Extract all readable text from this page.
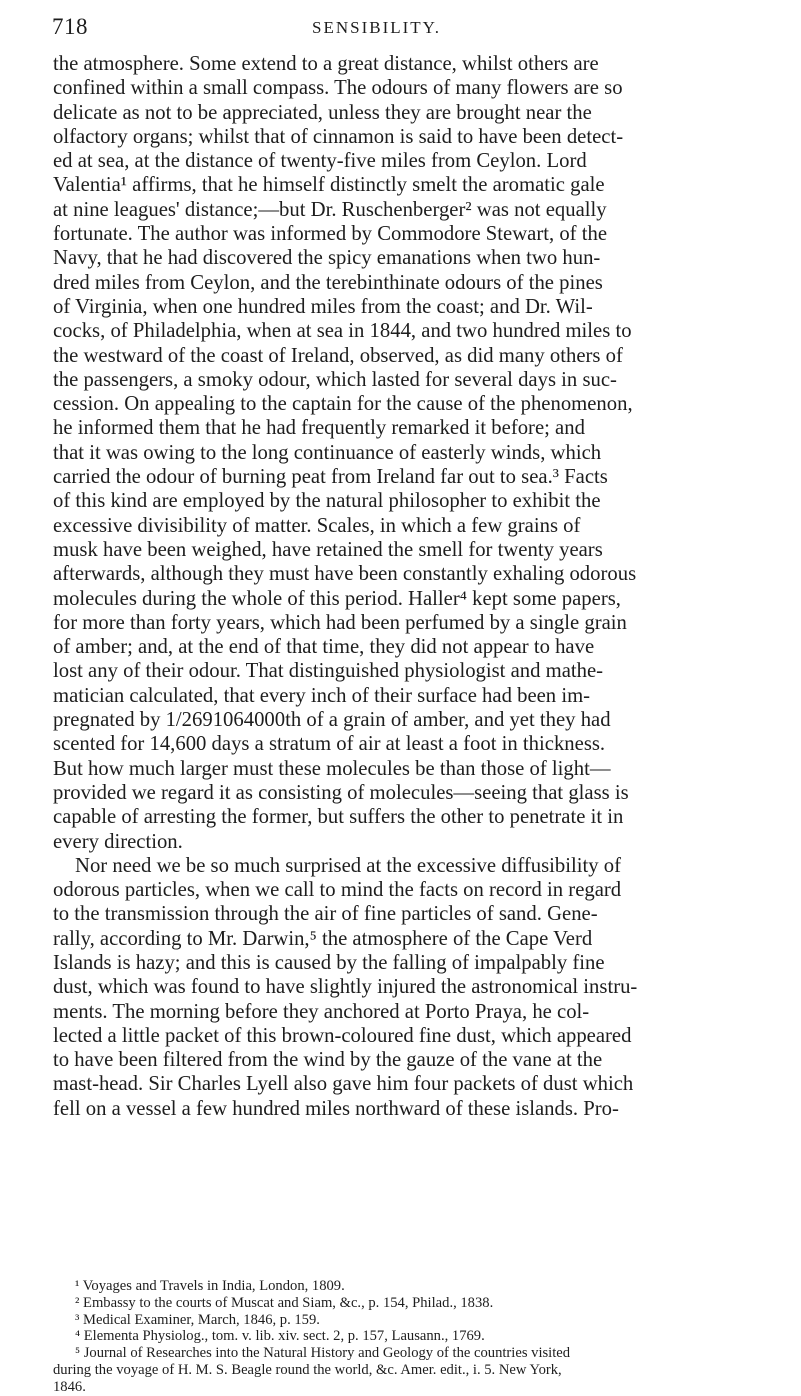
718	SENSIBILITY.
the atmosphere. Some extend to a great distance, whilst others are
confined within a small compass. The odours of many flowers are so
delicate as not to be appreciated, unless they are brought near the
olfactory organs; whilst that of cinnamon is said to have been detect-
ed at sea, at the distance of twenty-five miles from Ceylon. Lord
Valentia¹ affirms, that he himself distinctly smelt the aromatic gale
at nine leagues' distance;—but Dr. Ruschenberger² was not equally
fortunate. The author was informed by Commodore Stewart, of the
Navy, that he had discovered the spicy emanations when two hun-
dred miles from Ceylon, and the terebinthinate odours of the pines
of Virginia, when one hundred miles from the coast; and Dr. Wil-
cocks, of Philadelphia, when at sea in 1844, and two hundred miles to
the westward of the coast of Ireland, observed, as did many others of
the passengers, a smoky odour, which lasted for several days in suc-
cession. On appealing to the captain for the cause of the phenomenon,
he informed them that he had frequently remarked it before; and
that it was owing to the long continuance of easterly winds, which
carried the odour of burning peat from Ireland far out to sea.³ Facts
of this kind are employed by the natural philosopher to exhibit the
excessive divisibility of matter. Scales, in which a few grains of
musk have been weighed, have retained the smell for twenty years
afterwards, although they must have been constantly exhaling odorous
molecules during the whole of this period. Haller⁴ kept some papers,
for more than forty years, which had been perfumed by a single grain
of amber; and, at the end of that time, they did not appear to have
lost any of their odour. That distinguished physiologist and mathe-
matician calculated, that every inch of their surface had been im-
pregnated by 1/2691064000th of a grain of amber, and yet they had
scented for 14,600 days a stratum of air at least a foot in thickness.
But how much larger must these molecules be than those of light—
provided we regard it as consisting of molecules—seeing that glass is
capable of arresting the former, but suffers the other to penetrate it in
every direction.
Nor need we be so much surprised at the excessive diffusibility of
odorous particles, when we call to mind the facts on record in regard
to the transmission through the air of fine particles of sand. Gene-
rally, according to Mr. Darwin,⁵ the atmosphere of the Cape Verd
Islands is hazy; and this is caused by the falling of impalpably fine
dust, which was found to have slightly injured the astronomical instru-
ments. The morning before they anchored at Porto Praya, he col-
lected a little packet of this brown-coloured fine dust, which appeared
to have been filtered from the wind by the gauze of the vane at the
mast-head. Sir Charles Lyell also gave him four packets of dust which
fell on a vessel a few hundred miles northward of these islands. Pro-
¹ Voyages and Travels in India, London, 1809.
² Embassy to the courts of Muscat and Siam, &c., p. 154, Philad., 1838.
³ Medical Examiner, March, 1846, p. 159.
⁴ Elementa Physiolog., tom. v. lib. xiv. sect. 2, p. 157, Lausann., 1769.
⁵ Journal of Researches into the Natural History and Geology of the countries visited
during the voyage of H. M. S. Beagle round the world, &c. Amer. edit., i. 5. New York,
1846.
